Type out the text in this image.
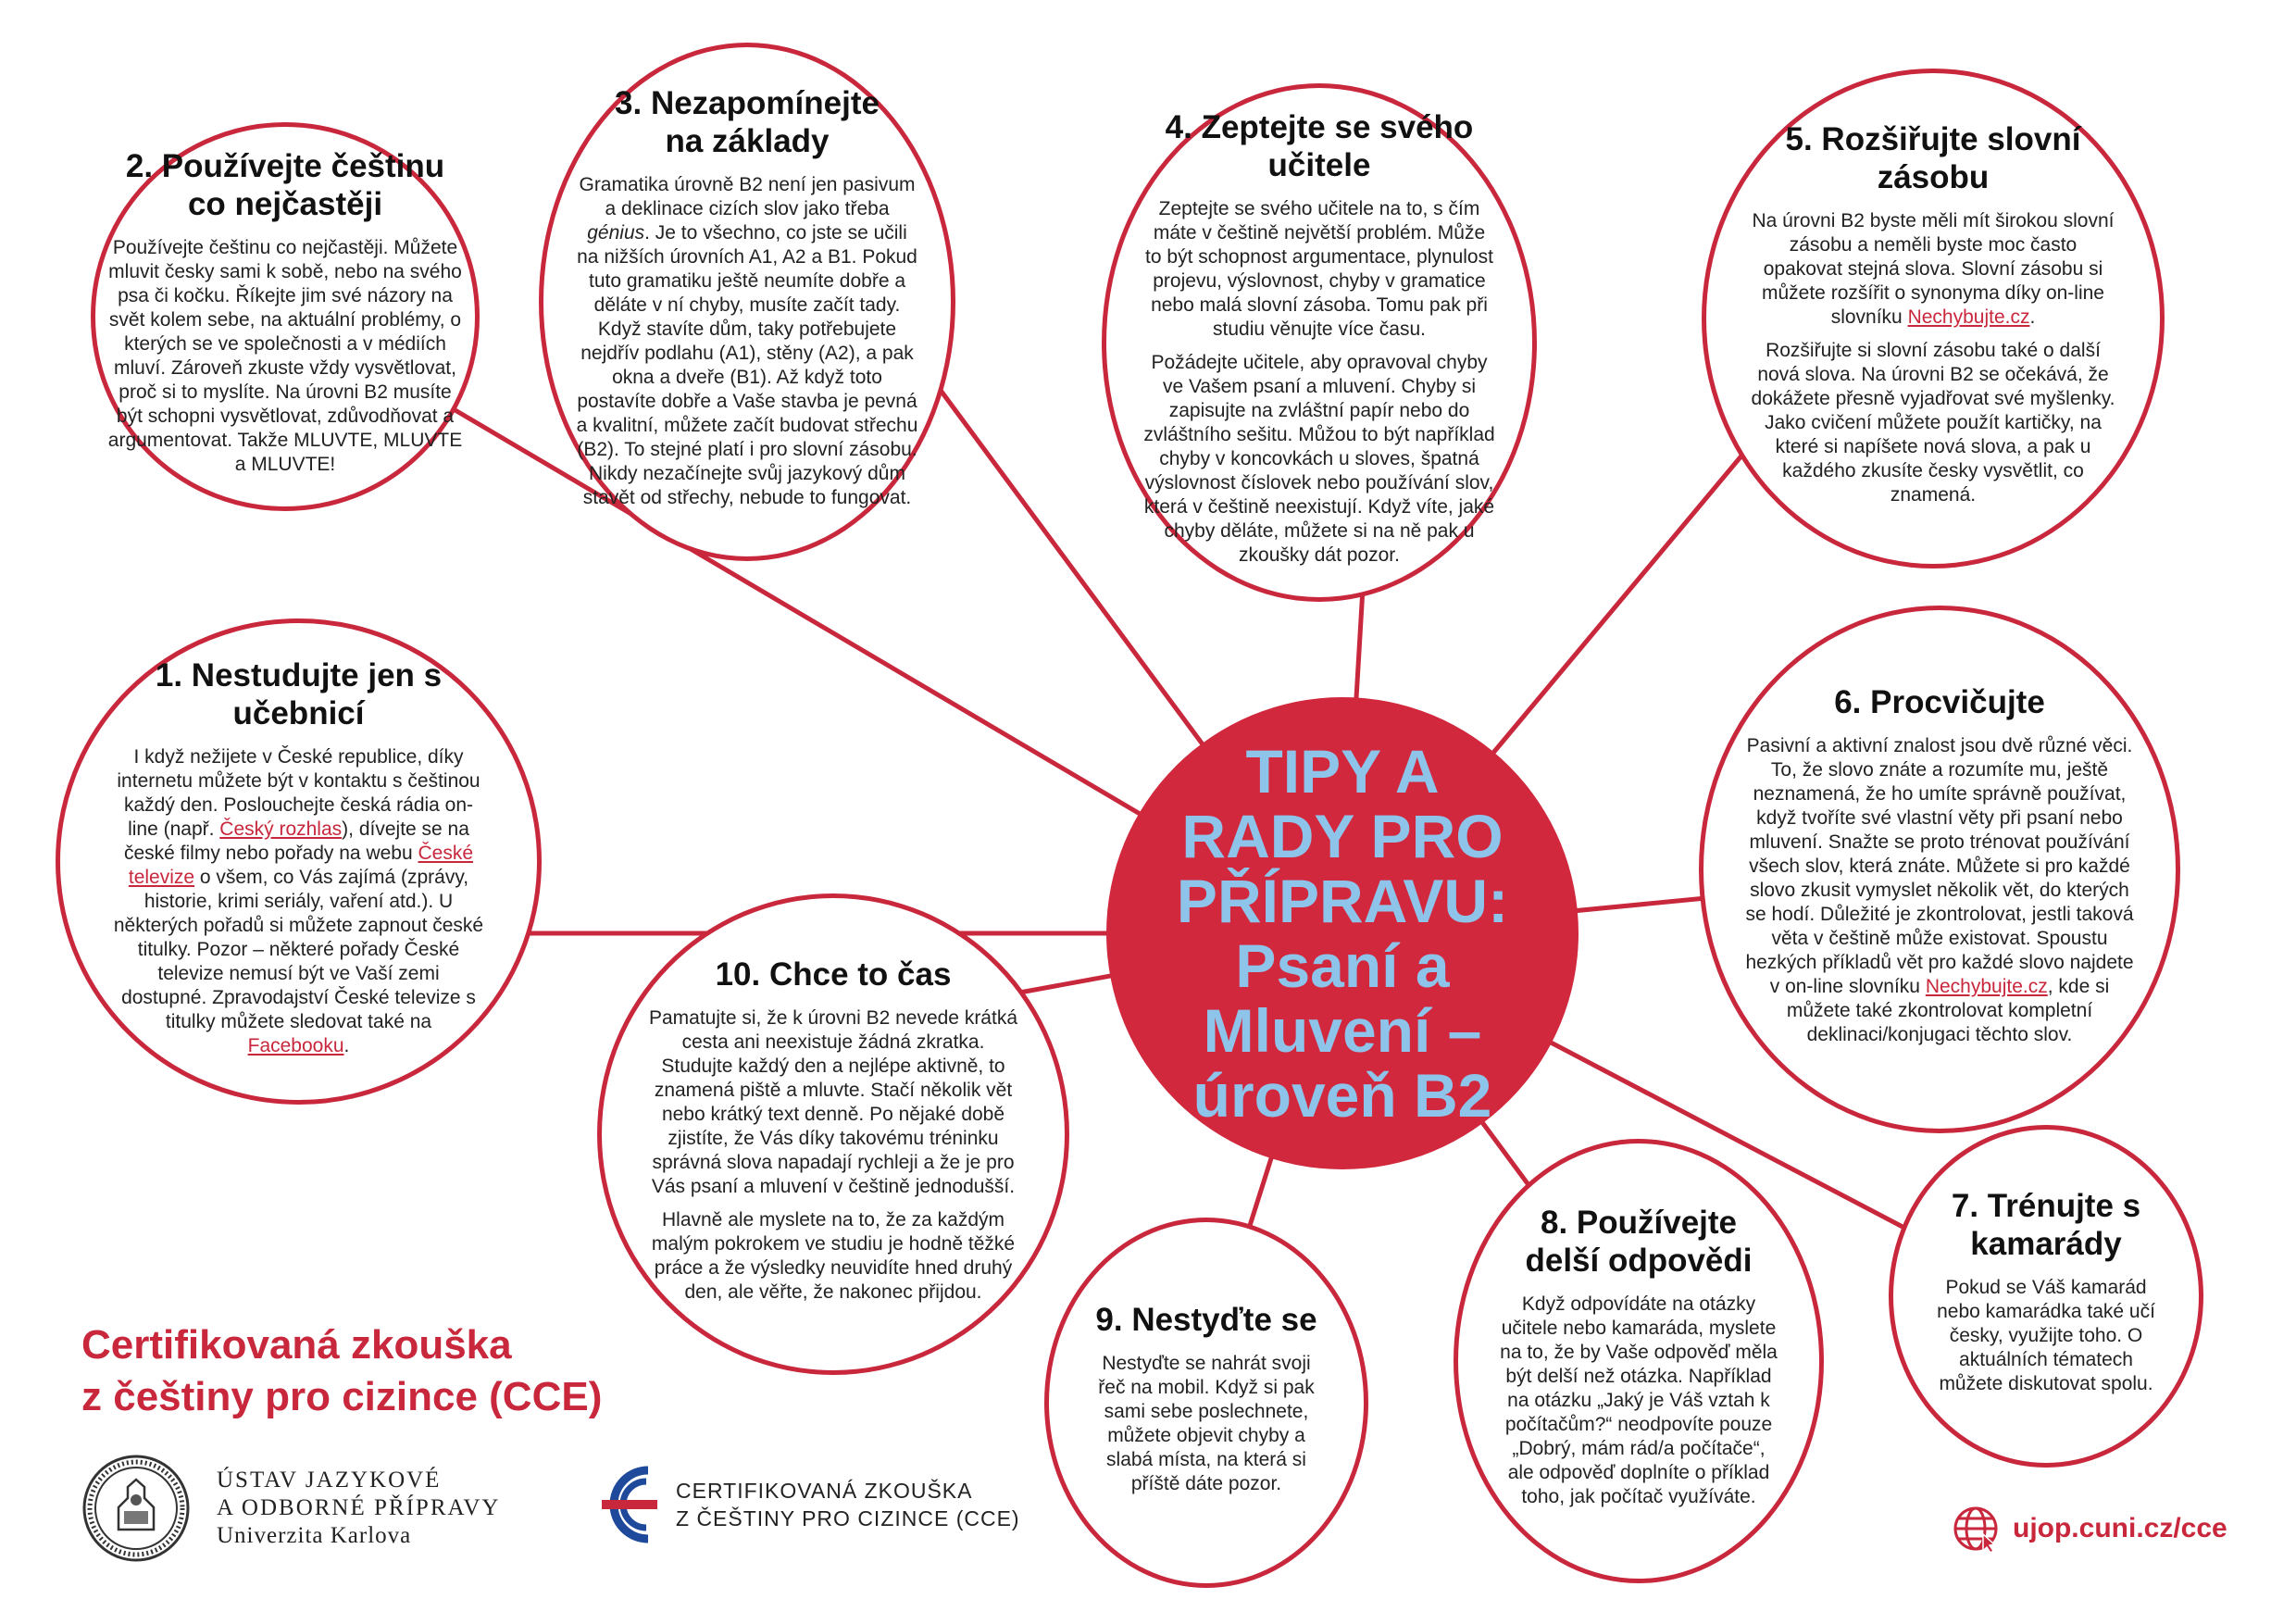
2. Používejte češtinu co nejčastěji

Používejte češtinu co nejčastěji. Můžete mluvit česky sami k sobě, nebo na svého psa či kočku. Říkejte jim své názory na svět kolem sebe, na aktuální problémy, o kterých se ve společnosti a v médiích mluví. Zároveň zkuste vždy vysvětlovat, proč si to myslíte. Na úrovni B2 musíte být schopni vysvětlovat, zdůvodňovat a argumentovat. Takže MLUVTE, MLUVTE a MLUVTE!

3. Nezapomínejte na základy

Gramatika úrovně B2 není jen pasivum a deklinace cizích slov jako třeba génius. Je to všechno, co jste se učili na nižších úrovních A1, A2 a B1. Pokud tuto gramatiku ještě neumíte dobře a děláte v ní chyby, musíte začít tady. Když stavíte dům, taky potřebujete nejdřív podlahu (A1), stěny (A2), a pak okna a dveře (B1). Až když toto postavíte dobře a Vaše stavba je pevná a kvalitní, můžete začít budovat střechu (B2). To stejné platí i pro slovní zásobu. Nikdy nezačínejte svůj jazykový dům stavět od střechy, nebude to fungovat.

4. Zeptejte se svého učitele

Zeptejte se svého učitele na to, s čím máte v češtině největší problém. Může to být schopnost argumentace, plynulost projevu, výslovnost, chyby v gramatice nebo malá slovní zásoba. Tomu pak při studiu věnujte více času.

Požádejte učitele, aby opravoval chyby ve Vašem psaní a mluvení. Chyby si zapisujte na zvláštní papír nebo do zvláštního sešitu. Můžou to být například chyby v koncovkách u sloves, špatná výslovnost číslovek nebo používání slov, která v češtině neexistují. Když víte, jaké chyby děláte, můžete si na ně pak u zkoušky dát pozor.

5. Rozšiřujte slovní zásobu

Na úrovni B2 byste měli mít širokou slovní zásobu a neměli byste moc často opakovat stejná slova. Slovní zásobu si můžete rozšířit o synonyma díky on-line slovníku Nechybujte.cz.

Rozšiřujte si slovní zásobu také o další nová slova. Na úrovni B2 se očekává, že dokážete přesně vyjadřovat své myšlenky. Jako cvičení můžete použít kartičky, na které si napíšete nová slova, a pak u každého zkusíte česky vysvětlit, co znamená.

1. Nestudujte jen s učebnicí

I když nežijete v České republice, díky internetu můžete být v kontaktu s češtinou každý den. Poslouchejte česká rádia on-line (např. Český rozhlas), dívejte se na české filmy nebo pořady na webu České televize o všem, co Vás zajímá (zprávy, historie, krimi seriály, vaření atd.). U některých pořadů si můžete zapnout české titulky. Pozor – některé pořady České televize nemusí být ve Vaší zemi dostupné. Zpravodajství České televize s titulky můžete sledovat také na Facebooku.

6. Procvičujte

Pasivní a aktivní znalost jsou dvě různé věci. To, že slovo znáte a rozumíte mu, ještě neznamená, že ho umíte správně používat, když tvoříte své vlastní věty při psaní nebo mluvení. Snažte se proto trénovat používání všech slov, která znáte. Můžete si pro každé slovo zkusit vymyslet několik vět, do kterých se hodí. Důležité je zkontrolovat, jestli taková věta v češtině může existovat. Spoustu hezkých příkladů vět pro každé slovo najdete v on-line slovníku Nechybujte.cz, kde si můžete také zkontrolovat kompletní deklinaci/konjugaci těchto slov.

10. Chce to čas

Pamatujte si, že k úrovni B2 nevede krátká cesta ani neexistuje žádná zkratka. Studujte každý den a nejlépe aktivně, to znamená piště a mluvte. Stačí několik vět nebo krátký text denně. Po nějaké době zjistíte, že Vás díky takovému tréninku správná slova napadají rychleji a že je pro Vás psaní a mluvení v češtině jednodušší.

Hlavně ale myslete na to, že za každým malým pokrokem ve studiu je hodně těžké práce a že výsledky neuvidíte hned druhý den, ale věřte, že nakonec přijdou.

9. Nestyďte se

Nestyďte se nahrát svoji řeč na mobil. Když si pak sami sebe poslechnete, můžete objevit chyby a slabá místa, na která si příště dáte pozor.

8. Používejte delší odpovědi

Když odpovídáte na otázky učitele nebo kamaráda, myslete na to, že by Vaše odpověď měla být delší než otázka. Například na otázku „Jaký je Váš vztah k počítačům?“ neodpovíte pouze „Dobrý, mám rád/a počítače“, ale odpověď doplníte o příklad toho, jak počítač využíváte.

7. Trénujte s kamarády

Pokud se Váš kamarád nebo kamarádka také učí česky, využijte toho. O aktuálních tématech můžete diskutovat spolu.

TIPY A RADY PRO PŘÍPRAVU: Psaní a Mluvení – úroveň B2
Certifikovaná zkouška
z češtiny pro cizince (CCE)
ÚSTAV JAZYKOVÉ
A ODBORNÉ PŘÍPRAVY
Univerzita Karlova
CERTIFIKOVANÁ ZKOUŠKA
Z ČEŠTINY PRO CIZINCE (CCE)	ujop.cuni.cz/cce
